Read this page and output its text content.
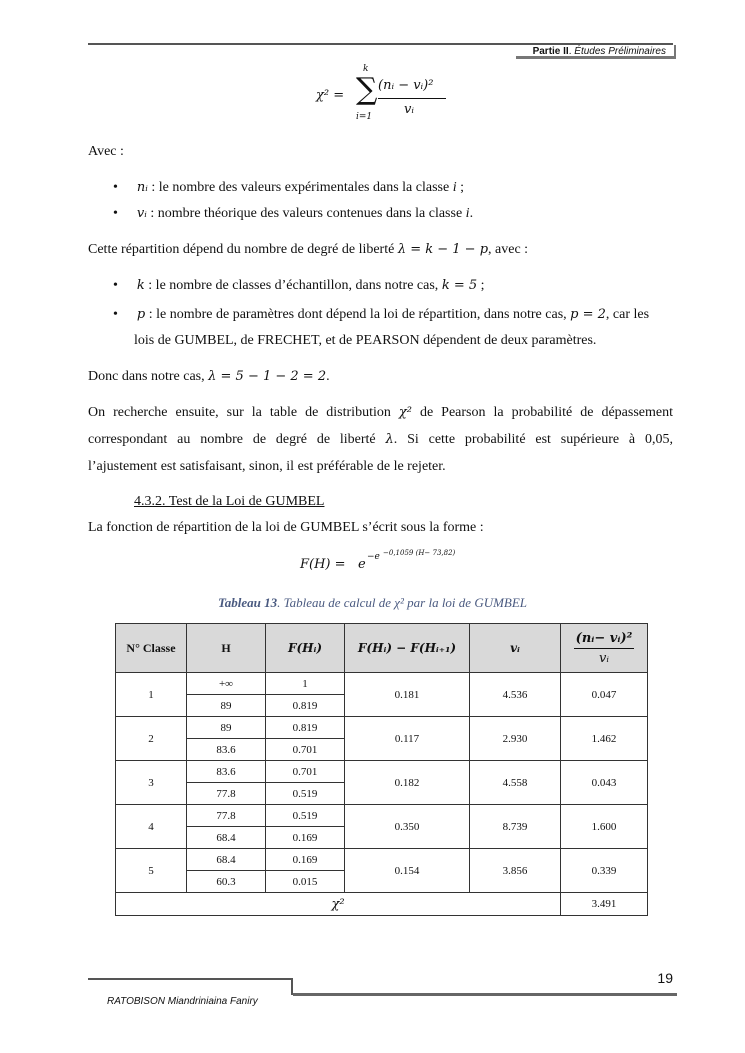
Partie II. Études Préliminaires
χ² =
k
∑
i=1
(nᵢ − vᵢ)²
vᵢ
Avec :
• nᵢ : le nombre des valeurs expérimentales dans la classe i ;
• vᵢ : nombre théorique des valeurs contenues dans la classe i.
Cette répartition dépend du nombre de degré de liberté λ = k − 1 − p, avec :
• k : le nombre de classes d’échantillon, dans notre cas, k = 5 ;
• p : le nombre de paramètres dont dépend la loi de répartition, dans notre cas, p = 2, car les
lois de GUMBEL, de FRECHET, et de PEARSON dépendent de deux paramètres.
Donc dans notre cas, λ = 5 − 1 − 2 = 2.
On recherche ensuite, sur la table de distribution χ² de Pearson la probabilité de dépassement
correspondant au nombre de degré de liberté λ. Si cette probabilité est supérieure à 0,05,
l’ajustement est satisfaisant, sinon, il est préférable de le rejeter.
4.3.2. Test de la Loi de GUMBEL
La fonction de répartition de la loi de GUMBEL s’écrit sous la forme :
F(H) = e −e −0,1059 (H− 73,82)
Tableau 13. Tableau de calcul de χ² par la loi de GUMBEL
N° Classe	H	F(Hᵢ)	F(Hᵢ) − F(Hᵢ₊₁)	vᵢ	(nᵢ− vᵢ)²
vᵢ

1	+∞	1	0.181	4.536	0.047
	89	0.819			
2	89	0.819	0.117	2.930	1.462
	83.6	0.701			
3	83.6	0.701	0.182	4.558	0.043
	77.8	0.519			
4	77.8	0.519	0.350	8.739	1.600
	68.4	0.169			
5	68.4	0.169	0.154	3.856	0.339
	60.3	0.015			
χ²					3.491
19
RATOBISON Miandriniaina Faniry
